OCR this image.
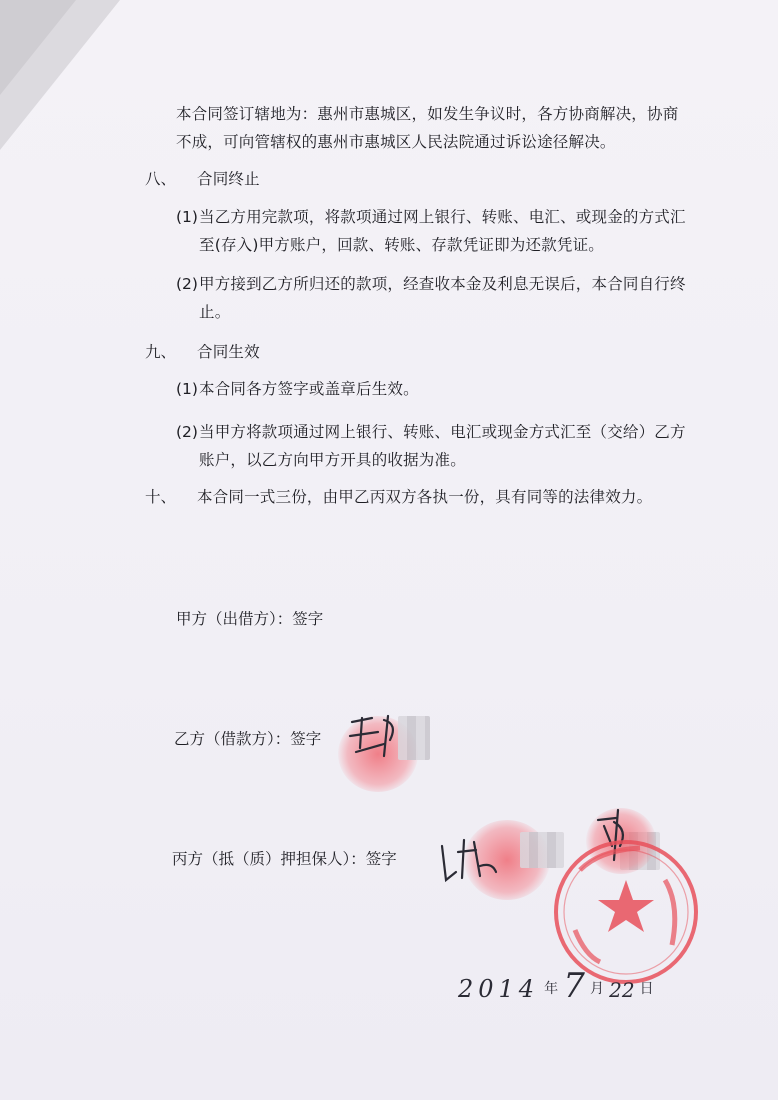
本合同签订辖地为：惠州市惠城区，如发生争议时，各方协商解决，协商
不成，可向管辖权的惠州市惠城区人民法院通过诉讼途径解决。
八、 合同终止
(1) 当乙方用完款项，将款项通过网上银行、转账、电汇、或现金的方式汇
至(存入)甲方账户，回款、转账、存款凭证即为还款凭证。
(2) 甲方接到乙方所归还的款项，经查收本金及利息无误后，本合同自行终
止。
九、 合同生效
(1) 本合同各方签字或盖章后生效。
(2) 当甲方将款项通过网上银行、转账、电汇或现金方式汇至（交给）乙方
账户，以乙方向甲方开具的收据为准。
十、 本合同一式三份，由甲乙丙双方各执一份，具有同等的法律效力。
甲方（出借方）：签字
乙方（借款方）：签字
丙方（抵（质）押担保人）：签字
2014 年 7 月 22 日
